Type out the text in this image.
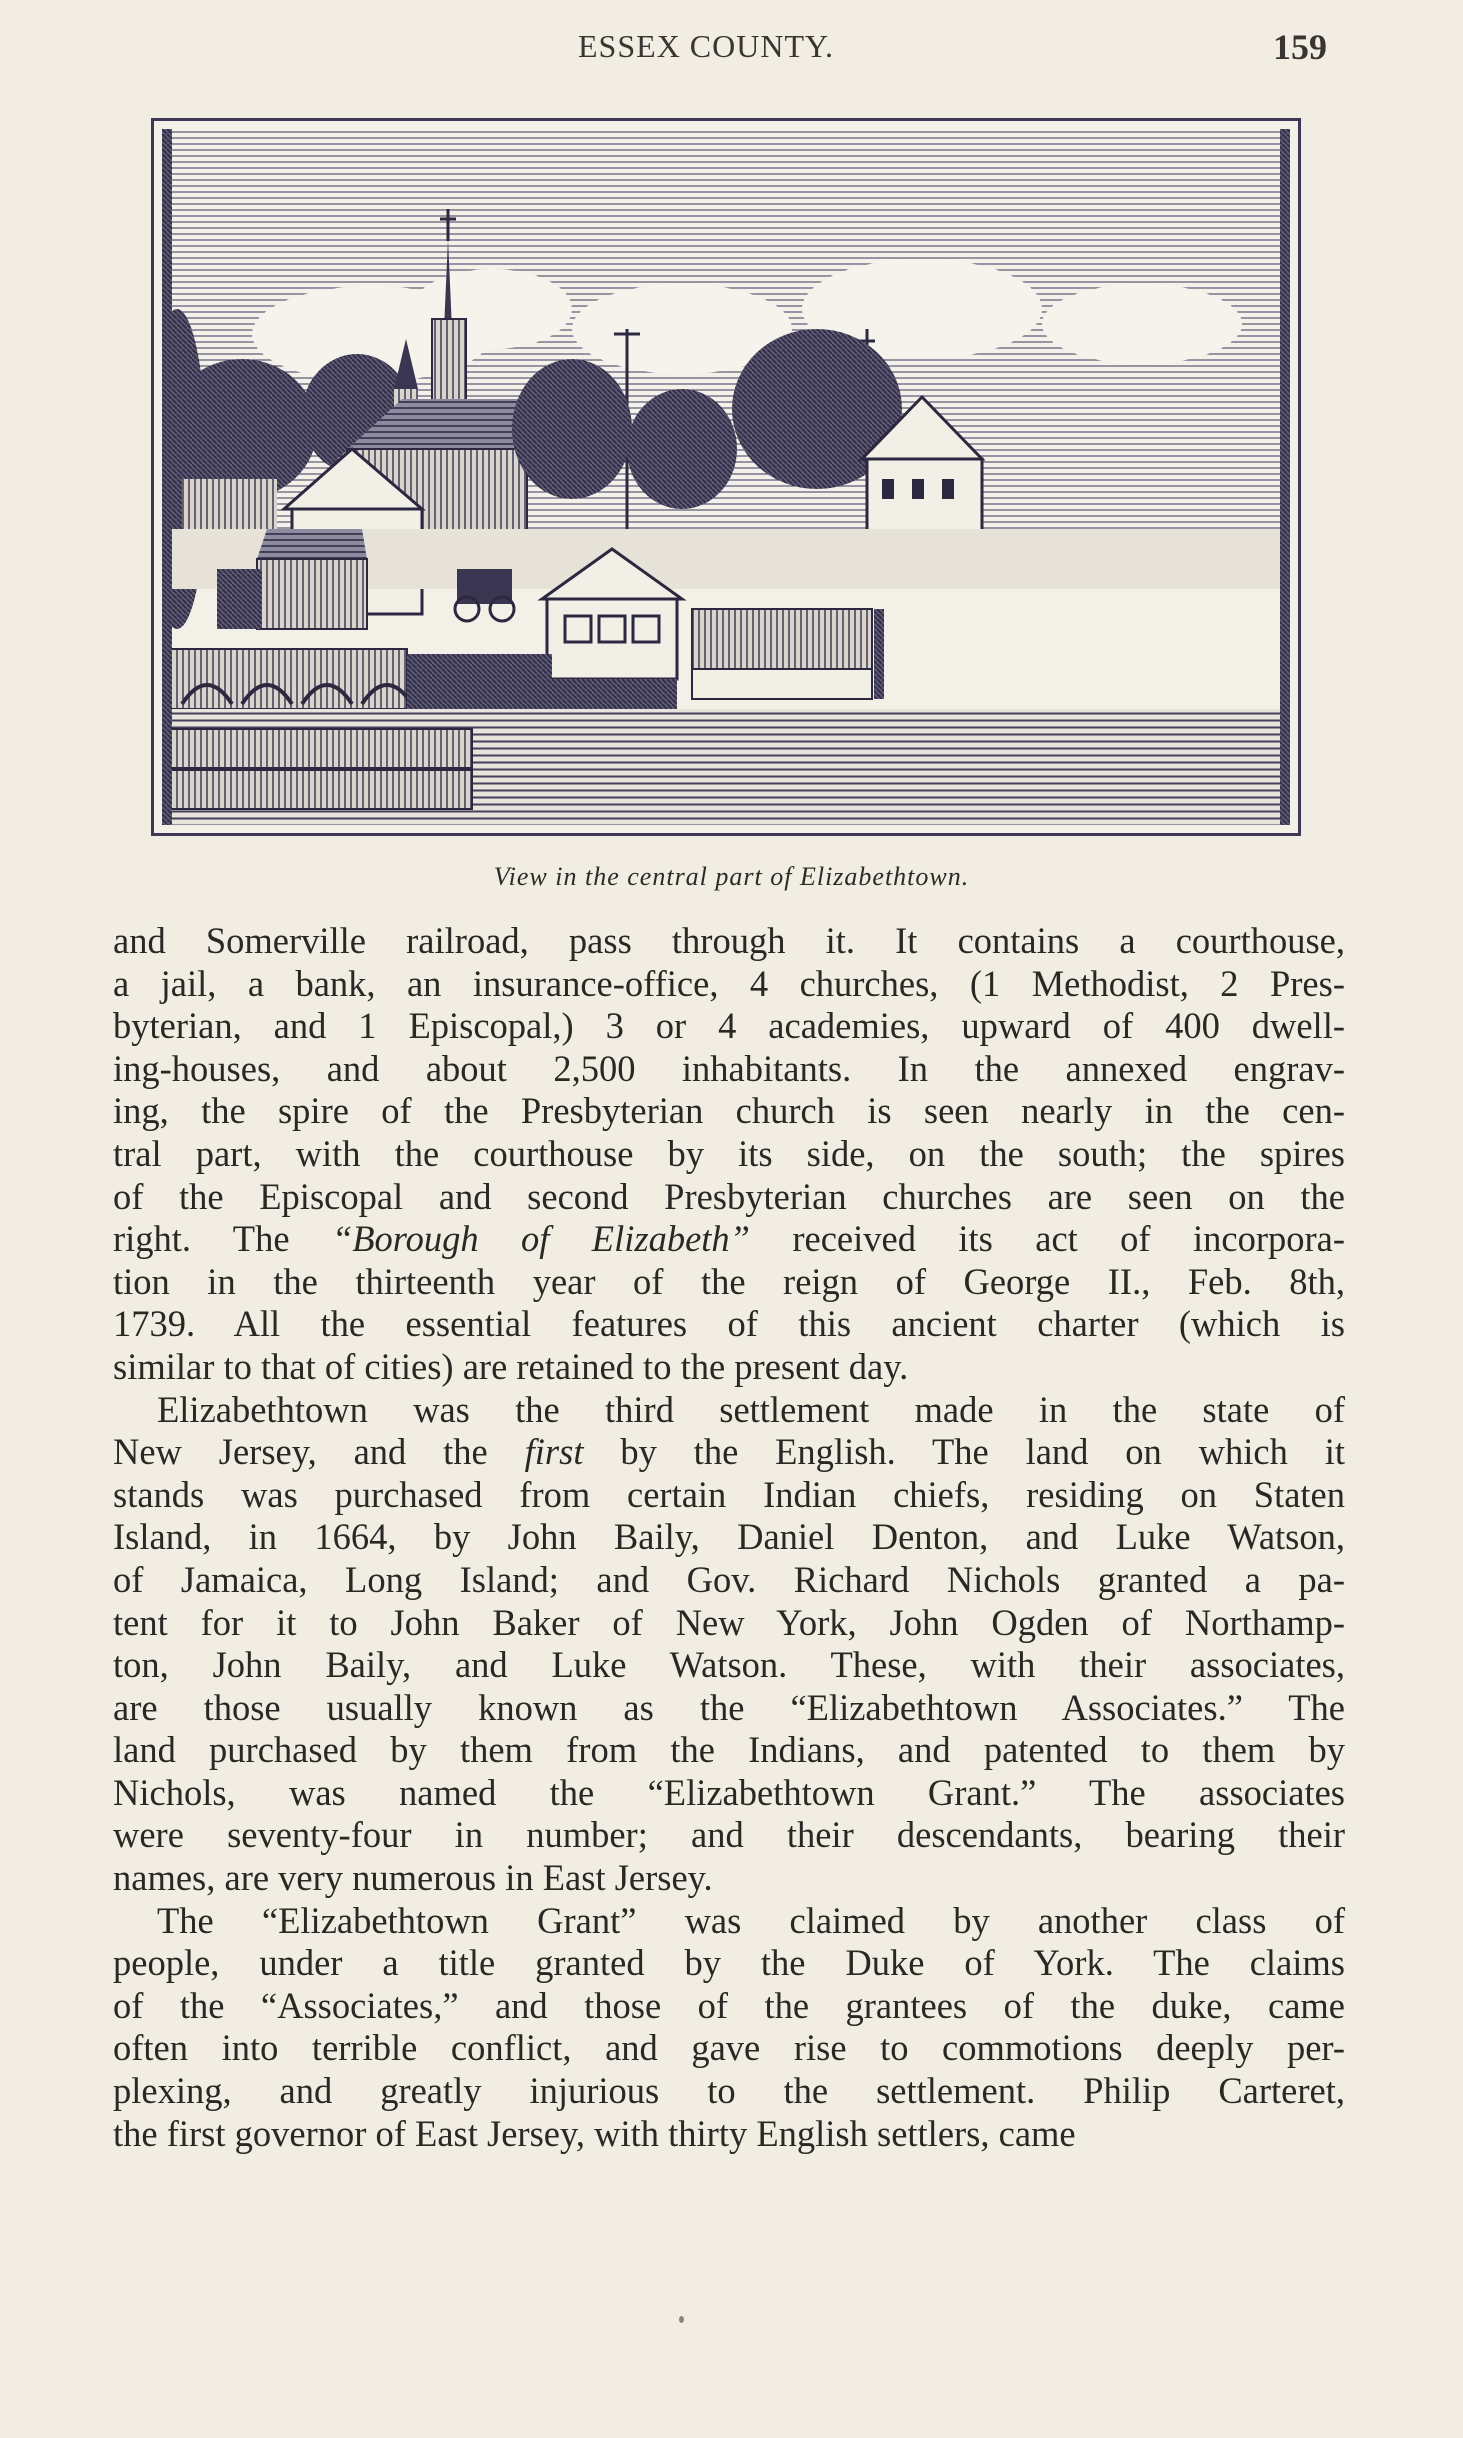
ESSEX COUNTY.	159
View in the central part of Elizabethtown.
and Somerville railroad, pass through it. It contains a courthouse,
a jail, a bank, an insurance-office, 4 churches, (1 Methodist, 2 Pres-
byterian, and 1 Episcopal,) 3 or 4 academies, upward of 400 dwell-
ing-houses, and about 2,500 inhabitants. In the annexed engrav-
ing, the spire of the Presbyterian church is seen nearly in the cen-
tral part, with the courthouse by its side, on the south; the spires
of the Episcopal and second Presbyterian churches are seen on the
right. The “Borough of Elizabeth” received its act of incorpora-
tion in the thirteenth year of the reign of George II., Feb. 8th,
1739. All the essential features of this ancient charter (which is
similar to that of cities) are retained to the present day.
Elizabethtown was the third settlement made in the state of
New Jersey, and the first by the English. The land on which it
stands was purchased from certain Indian chiefs, residing on Staten
Island, in 1664, by John Baily, Daniel Denton, and Luke Watson,
of Jamaica, Long Island; and Gov. Richard Nichols granted a pa-
tent for it to John Baker of New York, John Ogden of Northamp-
ton, John Baily, and Luke Watson. These, with their associates,
are those usually known as the “Elizabethtown Associates.” The
land purchased by them from the Indians, and patented to them by
Nichols, was named the “Elizabethtown Grant.” The associates
were seventy-four in number; and their descendants, bearing their
names, are very numerous in East Jersey.
The “Elizabethtown Grant” was claimed by another class of
people, under a title granted by the Duke of York. The claims
of the “Associates,” and those of the grantees of the duke, came
often into terrible conflict, and gave rise to commotions deeply per-
plexing, and greatly injurious to the settlement. Philip Carteret,
the first governor of East Jersey, with thirty English settlers, came
